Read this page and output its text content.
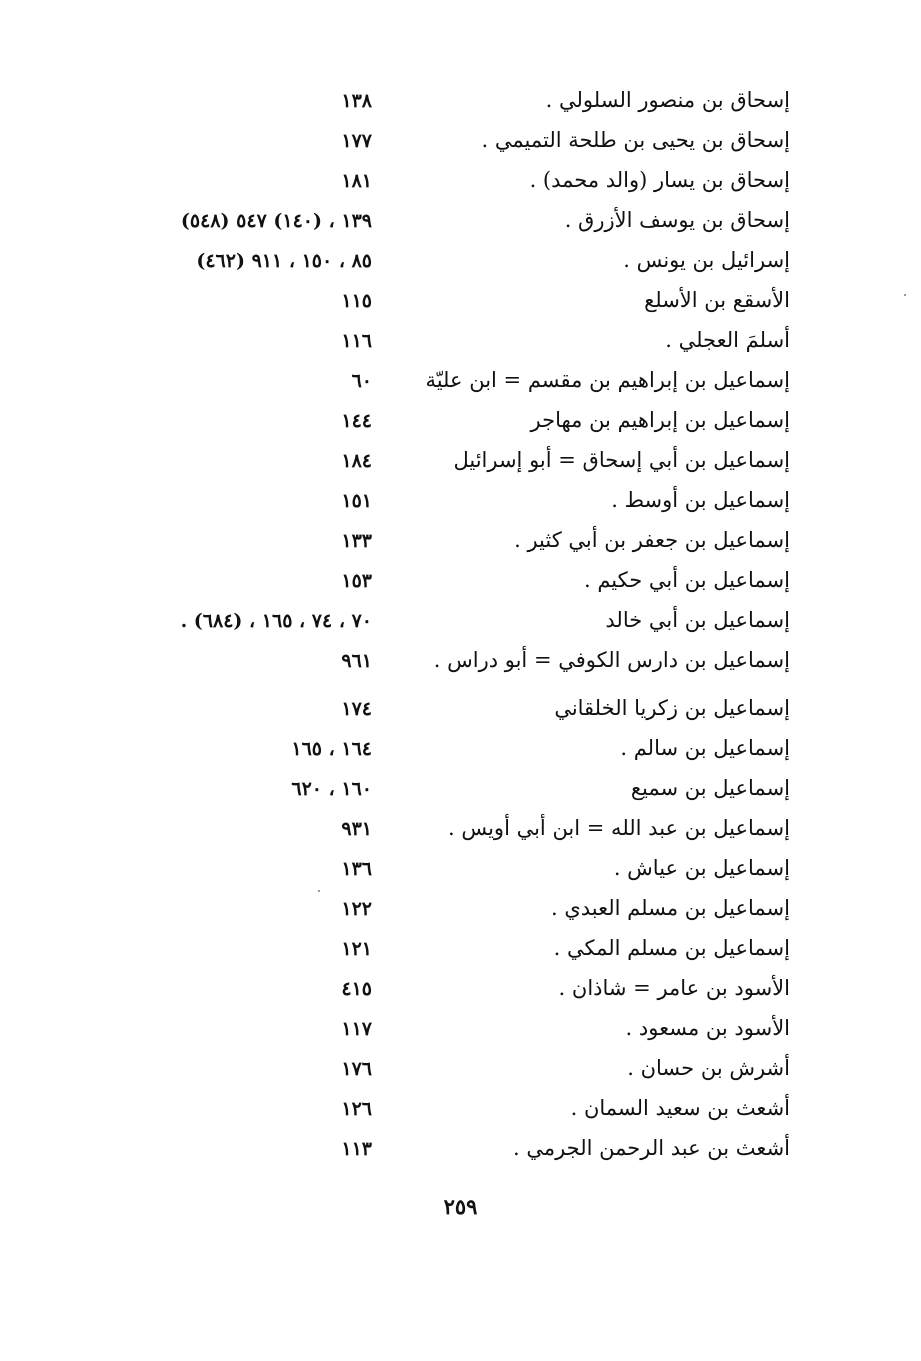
إسحاق بن منصور السلولي .
١٣٨
إسحاق بن يحيى بن طلحة التميمي .
١٧٧
إسحاق بن يسار (والد محمد) .
١٨١
إسحاق بن يوسف الأزرق .
١٣٩ ، (١٤٠) ٥٤٧ (٥٤٨)
إسرائيل بن يونس .
٨٥ ، ١٥٠ ، ٩١١ (٤٦٢)
الأسقع بن الأسلع
١١٥
أسلمَ العجلي .
١١٦
إسماعيل بن إبراهيم بن مقسم = ابن عليّة
٦٠
إسماعيل بن إبراهيم بن مهاجر
١٤٤
إسماعيل بن أبي إسحاق = أبو إسرائيل
١٨٤
إسماعيل بن أوسط .
١٥١
إسماعيل بن جعفر بن أبي كثير .
١٣٣
إسماعيل بن أبي حكيم .
١٥٣
إسماعيل بن أبي خالد
٧٠ ، ٧٤ ، ١٦٥ ، (٦٨٤) .
إسماعيل بن دارس الكوفي = أبو دراس .
٩٦١
إسماعيل بن زكريا الخلقاني
١٧٤
إسماعيل بن سالم .
١٦٤ ، ١٦٥
إسماعيل بن سميع
١٦٠ ، ٦٢٠
إسماعيل بن عبد الله = ابن أبي أويس .
٩٣١
إسماعيل بن عياش .
١٣٦
إسماعيل بن مسلم العبدي .
١٢٢
إسماعيل بن مسلم المكي .
١٢١
الأسود بن عامر = شاذان .
٤١٥
الأسود بن مسعود .
١١٧
أشرش بن حسان .
١٧٦
أشعث بن سعيد السمان .
١٢٦
أشعث بن عبد الرحمن الجرمي .
١١٣
٢٥٩
